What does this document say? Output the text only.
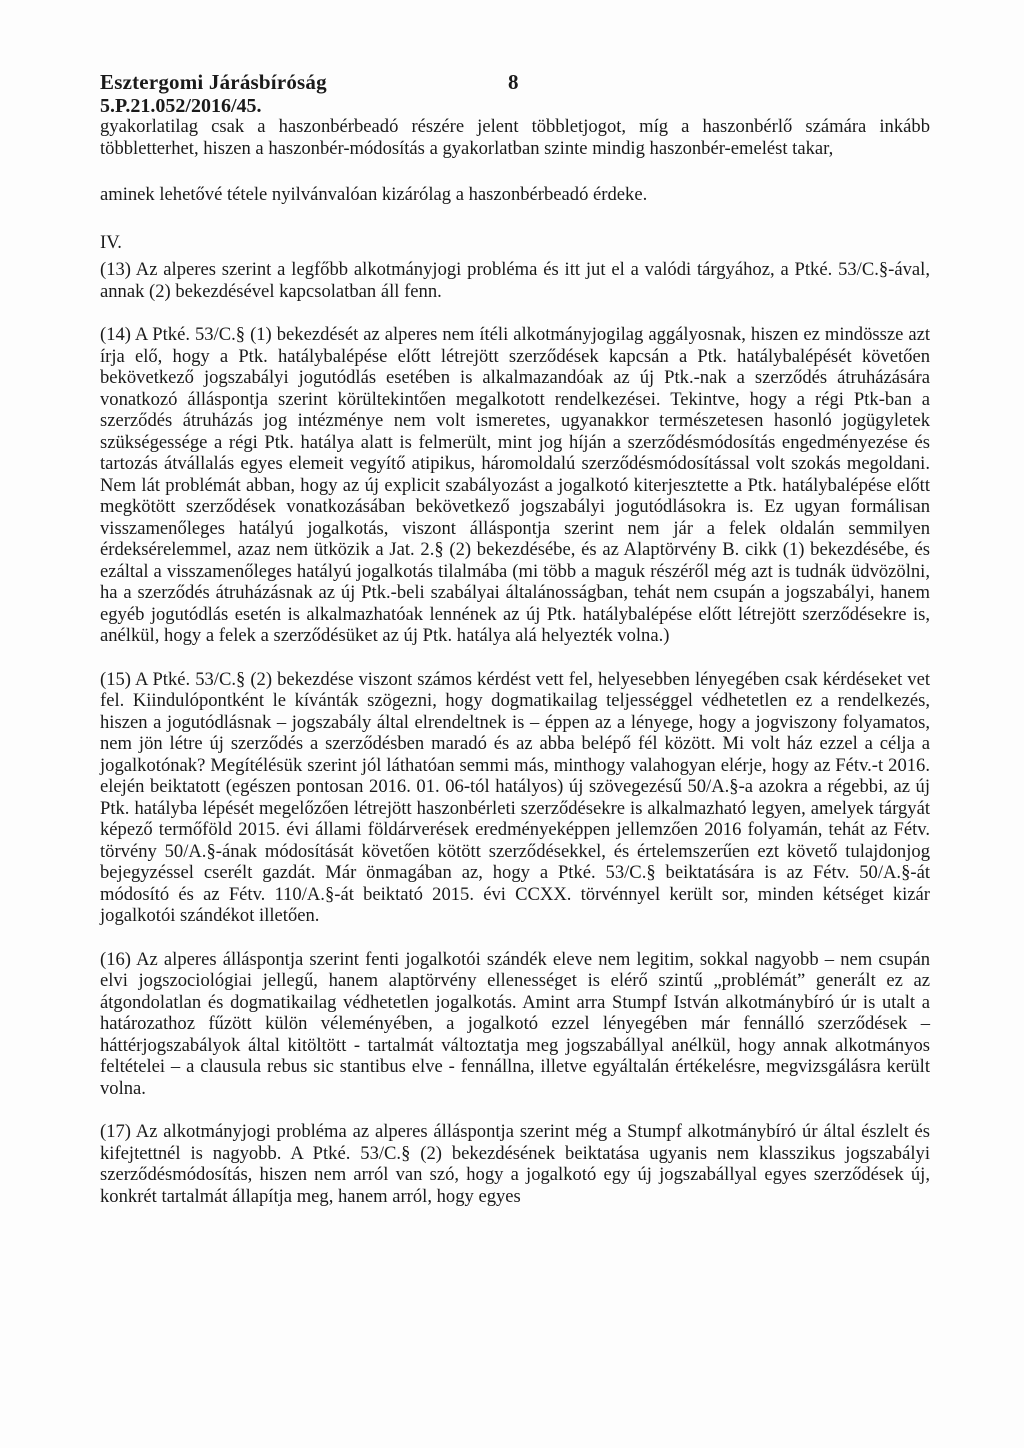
Esztergomi Járásbíróság	8
5.P.21.052/2016/45.

gyakorlatilag csak a haszonbérbeadó részére jelent többletjogot, míg a haszonbérlő számára inkább többletterhet, hiszen a haszonbér-módosítás a gyakorlatban szinte mindig haszonbér-emelést takar,

aminek lehetővé tétele nyilvánvalóan kizárólag a haszonbérbeadó érdeke.

IV.

(13) Az alperes szerint a legfőbb alkotmányjogi probléma és itt jut el a valódi tárgyához, a Ptké. 53/C.§-ával, annak (2) bekezdésével kapcsolatban áll fenn.

(14) A Ptké. 53/C.§ (1) bekezdését az alperes nem ítéli alkotmányjogilag aggályosnak, hiszen ez mindössze azt írja elő, hogy a Ptk. hatálybalépése előtt létrejött szerződések kapcsán a Ptk. hatálybalépését követően bekövetkező jogszabályi jogutódlás esetében is alkalmazandóak az új Ptk.-nak a szerződés átruházására vonatkozó álláspontja szerint körültekintően megalkotott rendelkezései. Tekintve, hogy a régi Ptk-ban a szerződés átruházás jog intézménye nem volt ismeretes, ugyanakkor természetesen hasonló jogügyletek szükségessége a régi Ptk. hatálya alatt is felmerült, mint jog híján a szerződésmódosítás engedményezése és tartozás átvállalás egyes elemeit vegyítő atipikus, háromoldalú szerződésmódosítással volt szokás megoldani. Nem lát problémát abban, hogy az új explicit szabályozást a jogalkotó kiterjesztette a Ptk. hatálybalépése előtt megkötött szerződések vonatkozásában bekövetkező jogszabályi jogutódlásokra is. Ez ugyan formálisan visszamenőleges hatályú jogalkotás, viszont álláspontja szerint nem jár a felek oldalán semmilyen érdeksérelemmel, azaz nem ütközik a Jat. 2.§ (2) bekezdésébe, és az Alaptörvény B. cikk (1) bekezdésébe, és ezáltal a visszamenőleges hatályú jogalkotás tilalmába (mi több a maguk részéről még azt is tudnák üdvözölni, ha a szerződés átruházásnak az új Ptk.-beli szabályai általánosságban, tehát nem csupán a jogszabályi, hanem egyéb jogutódlás esetén is alkalmazhatóak lennének az új Ptk. hatálybalépése előtt létrejött szerződésekre is, anélkül, hogy a felek a szerződésüket az új Ptk. hatálya alá helyezték volna.)

(15) A Ptké. 53/C.§ (2) bekezdése viszont számos kérdést vett fel, helyesebben lényegében csak kérdéseket vet fel. Kiindulópontként le kívánták szögezni, hogy dogmatikailag teljességgel védhetetlen ez a rendelkezés, hiszen a jogutódlásnak – jogszabály által elrendeltnek is – éppen az a lényege, hogy a jogviszony folyamatos, nem jön létre új szerződés a szerződésben maradó és az abba belépő fél között. Mi volt ház ezzel a célja a jogalkotónak? Megítélésük szerint jól láthatóan semmi más, minthogy valahogyan elérje, hogy az Fétv.-t 2016. elején beiktatott (egészen pontosan 2016. 01. 06-tól hatályos) új szövegezésű 50/A.§-a azokra a régebbi, az új Ptk. hatályba lépését megelőzően létrejött haszonbérleti szerződésekre is alkalmazható legyen, amelyek tárgyát képező termőföld 2015. évi állami földárverések eredményeképpen jellemzően 2016 folyamán, tehát az Fétv. törvény 50/A.§-ának módosítását követően kötött szerződésekkel, és értelemszerűen ezt követő tulajdonjog bejegyzéssel cserélt gazdát. Már önmagában az, hogy a Ptké. 53/C.§ beiktatására is az Fétv. 50/A.§-át módosító és az Fétv. 110/A.§-át beiktató 2015. évi CCXX. törvénnyel került sor, minden kétséget kizár jogalkotói szándékot illetően.

(16) Az alperes álláspontja szerint fenti jogalkotói szándék eleve nem legitim, sokkal nagyobb – nem csupán elvi jogszociológiai jellegű, hanem alaptörvény ellenességet is elérő szintű „problémát” generált ez az átgondolatlan és dogmatikailag védhetetlen jogalkotás. Amint arra Stumpf István alkotmánybíró úr is utalt a határozathoz fűzött külön véleményében, a jogalkotó ezzel lényegében már fennálló szerződések – háttérjogszabályok által kitöltött - tartalmát változtatja meg jogszabállyal anélkül, hogy annak alkotmányos feltételei – a clausula rebus sic stantibus elve - fennállna, illetve egyáltalán értékelésre, megvizsgálásra került volna.

(17) Az alkotmányjogi probléma az alperes álláspontja szerint még a Stumpf alkotmánybíró úr által észlelt és kifejtettnél is nagyobb. A Ptké. 53/C.§ (2) bekezdésének beiktatása ugyanis nem klasszikus jogszabályi szerződésmódosítás, hiszen nem arról van szó, hogy a jogalkotó egy új jogszabállyal egyes szerződések új, konkrét tartalmát állapítja meg, hanem arról, hogy egyes
